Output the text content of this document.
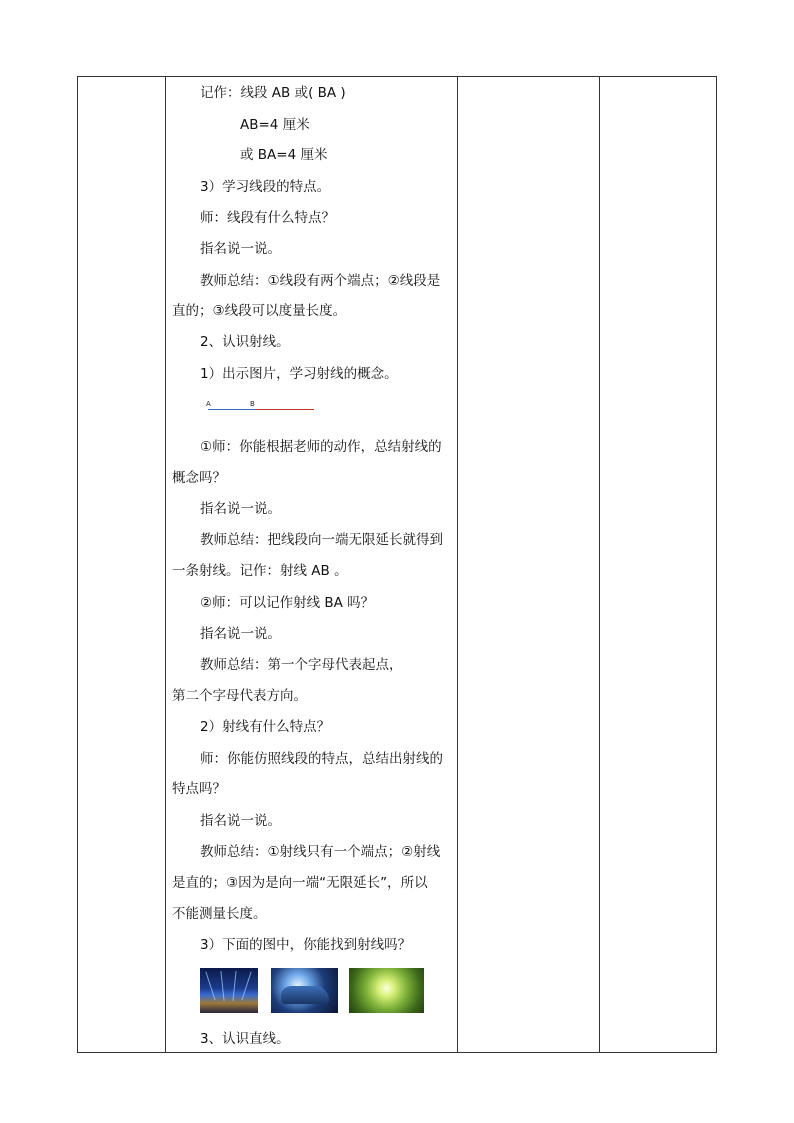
记作：线段 AB 或( BA )
AB=4 厘米
或 BA=4 厘米
3）学习线段的特点。
师：线段有什么特点？
指名说一说。
教师总结：①线段有两个端点；②线段是
直的；③线段可以度量长度。
2、认识射线。
1）出示图片，学习射线的概念。
①师：你能根据老师的动作，总结射线的
概念吗？
指名说一说。
教师总结：把线段向一端无限延长就得到
一条射线。记作：射线 AB 。
②师：可以记作射线 BA 吗？
指名说一说。
教师总结：第一个字母代表起点，
第二个字母代表方向。
2）射线有什么特点？
师：你能仿照线段的特点，总结出射线的
特点吗？
指名说一说。
教师总结：①射线只有一个端点；②射线
是直的；③因为是向一端“无限延长”，所以
不能测量长度。
3）下面的图中，你能找到射线吗？
3、认识直线。
A	B
